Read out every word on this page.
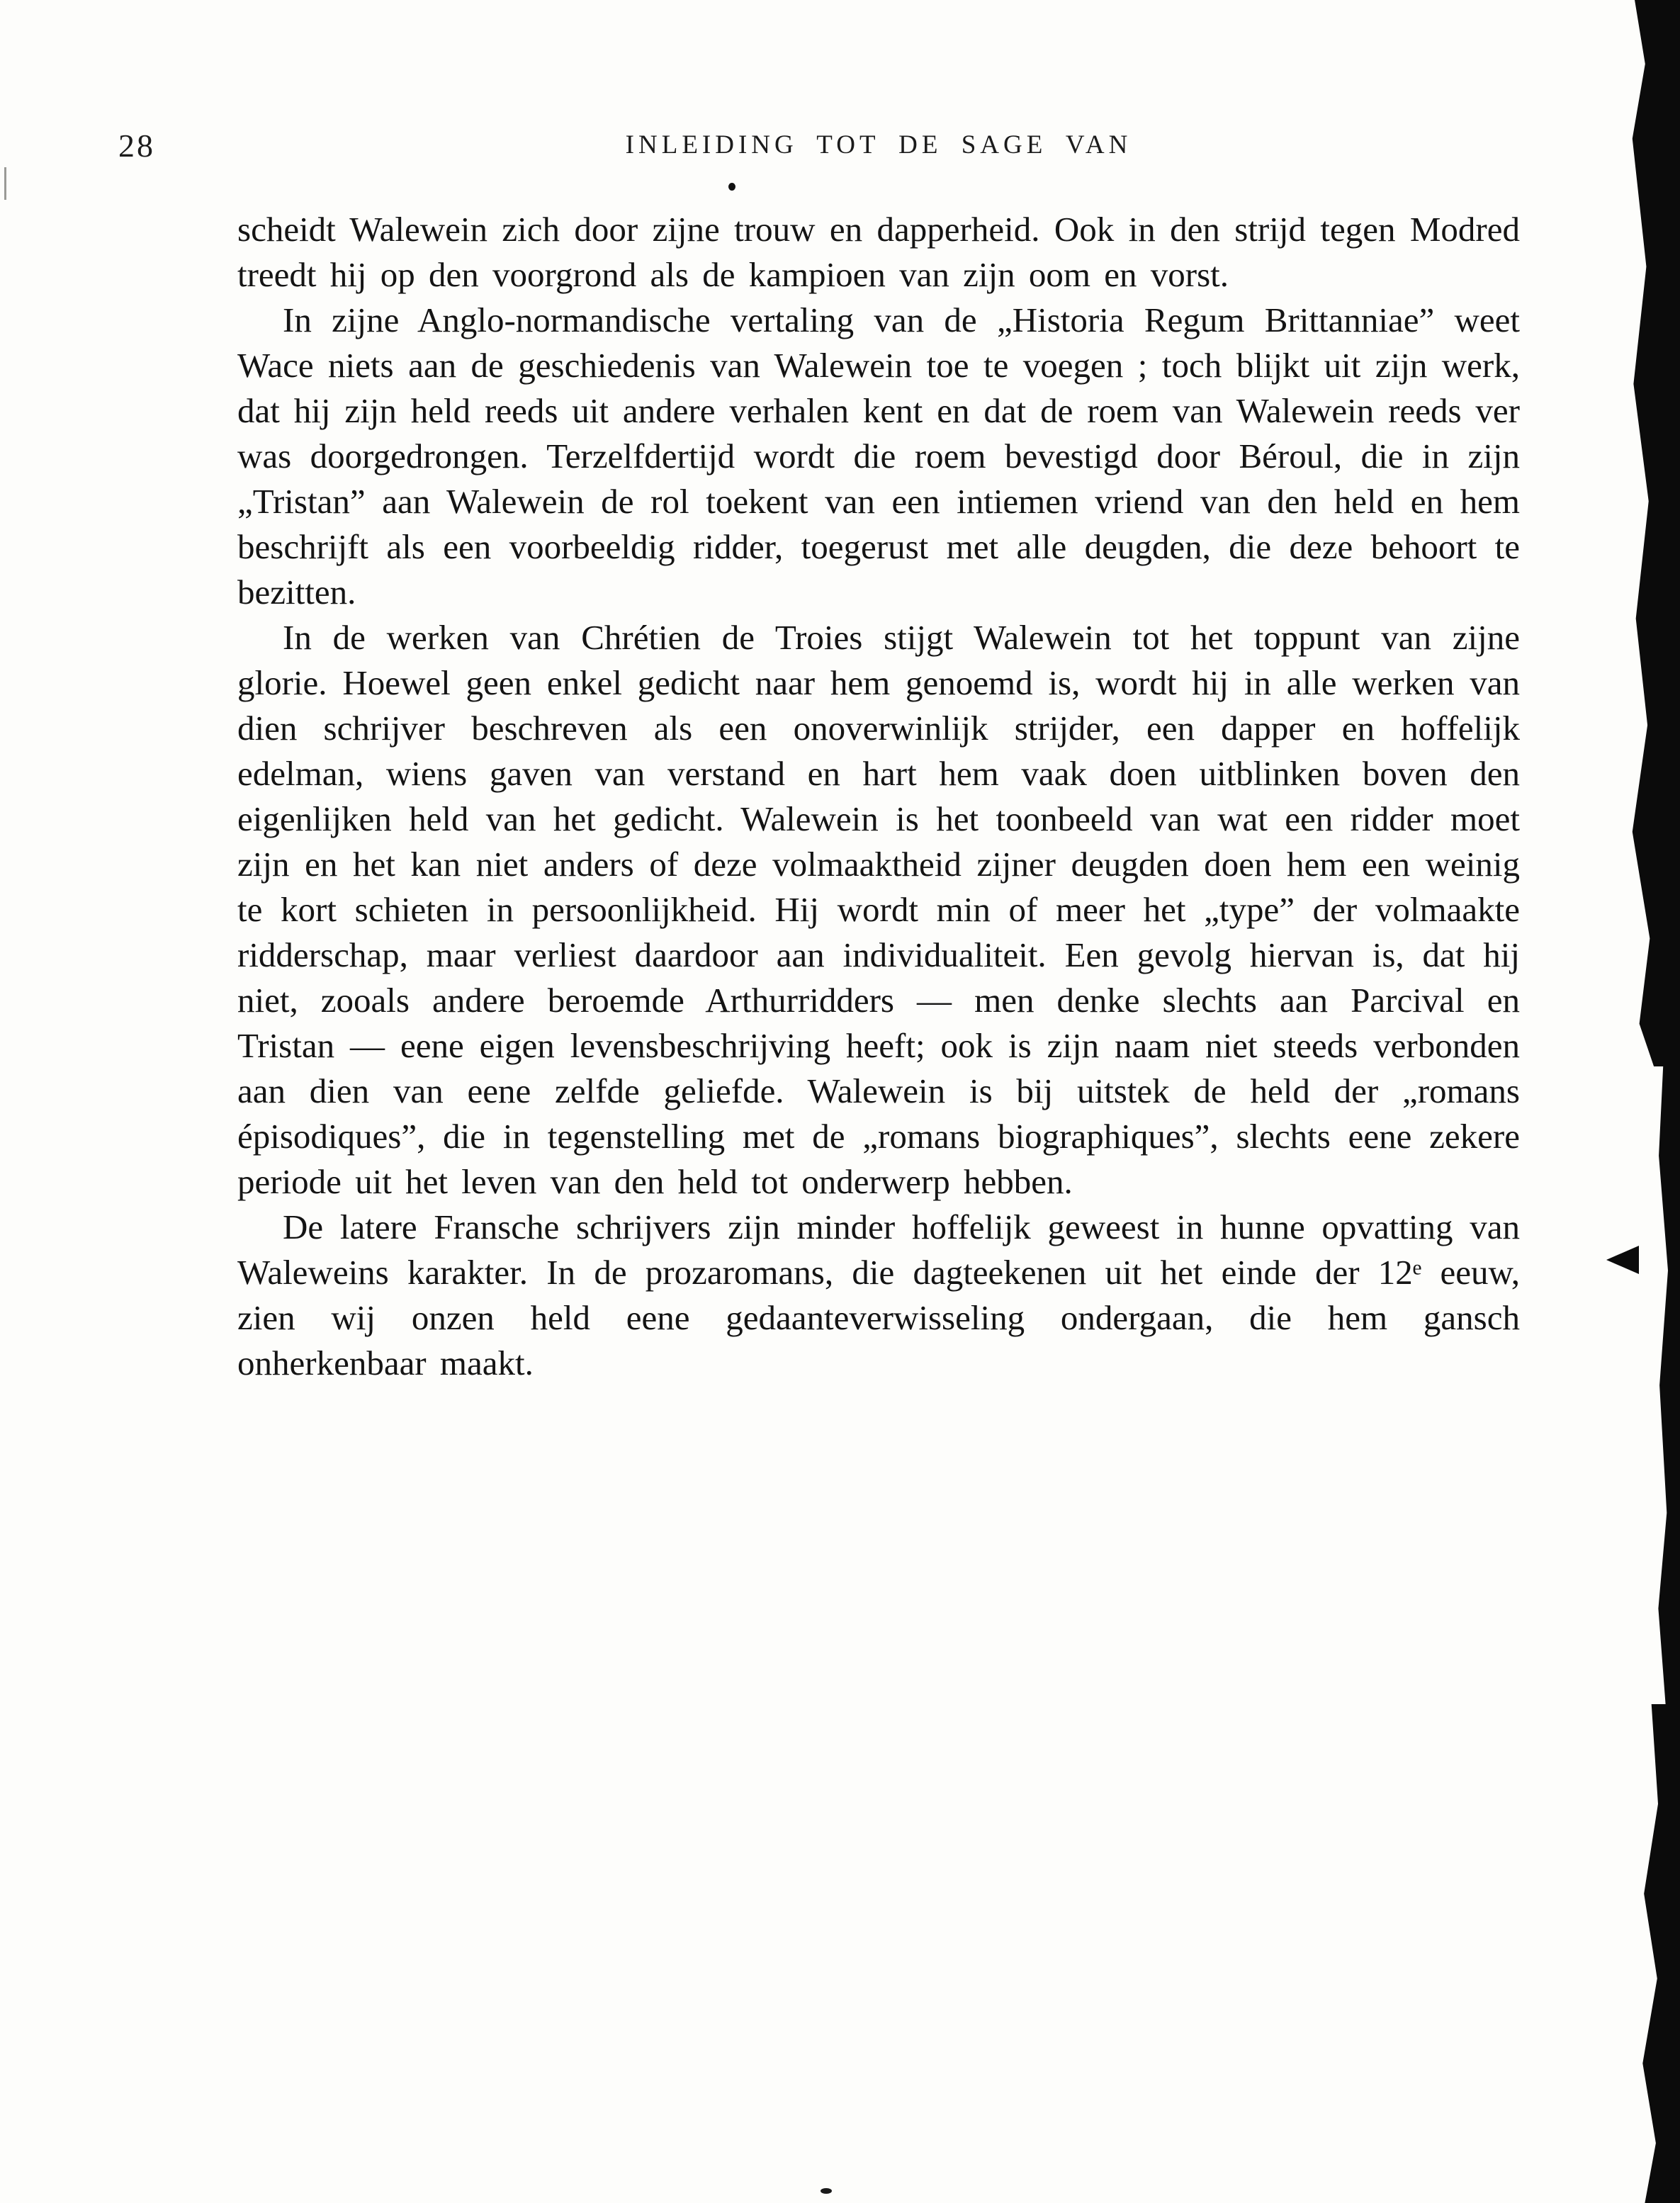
28	INLEIDING TOT DE SAGE VAN

scheidt Walewein zich door zijne trouw en dapperheid. Ook in den strijd tegen Modred treedt hij op den voorgrond als de kampioen van zijn oom en vorst.

In zijne Anglo-normandische vertaling van de „Historia Regum Brittanniae” weet Wace niets aan de geschiedenis van Walewein toe te voegen ; toch blijkt uit zijn werk, dat hij zijn held reeds uit andere verhalen kent en dat de roem van Walewein reeds ver was doorgedrongen. Terzelfdertijd wordt die roem bevestigd door Béroul, die in zijn „Tristan” aan Walewein de rol toekent van een intiemen vriend van den held en hem beschrijft als een voorbeeldig ridder, toegerust met alle deugden, die deze behoort te bezitten.

In de werken van Chrétien de Troies stijgt Walewein tot het toppunt van zijne glorie. Hoewel geen enkel gedicht naar hem genoemd is, wordt hij in alle werken van dien schrijver beschreven als een onoverwinlijk strijder, een dapper en hoffelijk edelman, wiens gaven van verstand en hart hem vaak doen uitblinken boven den eigenlijken held van het gedicht. Walewein is het toonbeeld van wat een ridder moet zijn en het kan niet anders of deze volmaaktheid zijner deugden doen hem een weinig te kort schieten in persoonlijkheid. Hij wordt min of meer het „type” der volmaakte ridderschap, maar verliest daardoor aan individualiteit. Een gevolg hiervan is, dat hij niet, zooals andere beroemde Arthurridders — men denke slechts aan Parcival en Tristan — eene eigen levensbeschrijving heeft; ook is zijn naam niet steeds verbonden aan dien van eene zelfde geliefde. Walewein is bij uitstek de held der „romans épisodiques”, die in tegenstelling met de „romans biographiques”, slechts eene zekere periode uit het leven van den held tot onderwerp hebben.

De latere Fransche schrijvers zijn minder hoffelijk geweest in hunne opvatting van Waleweins karakter. In de prozaromans, die dagteekenen uit het einde der 12ᵉ eeuw, zien wij onzen held eene gedaanteverwisseling ondergaan, die hem gansch onherkenbaar maakt.
